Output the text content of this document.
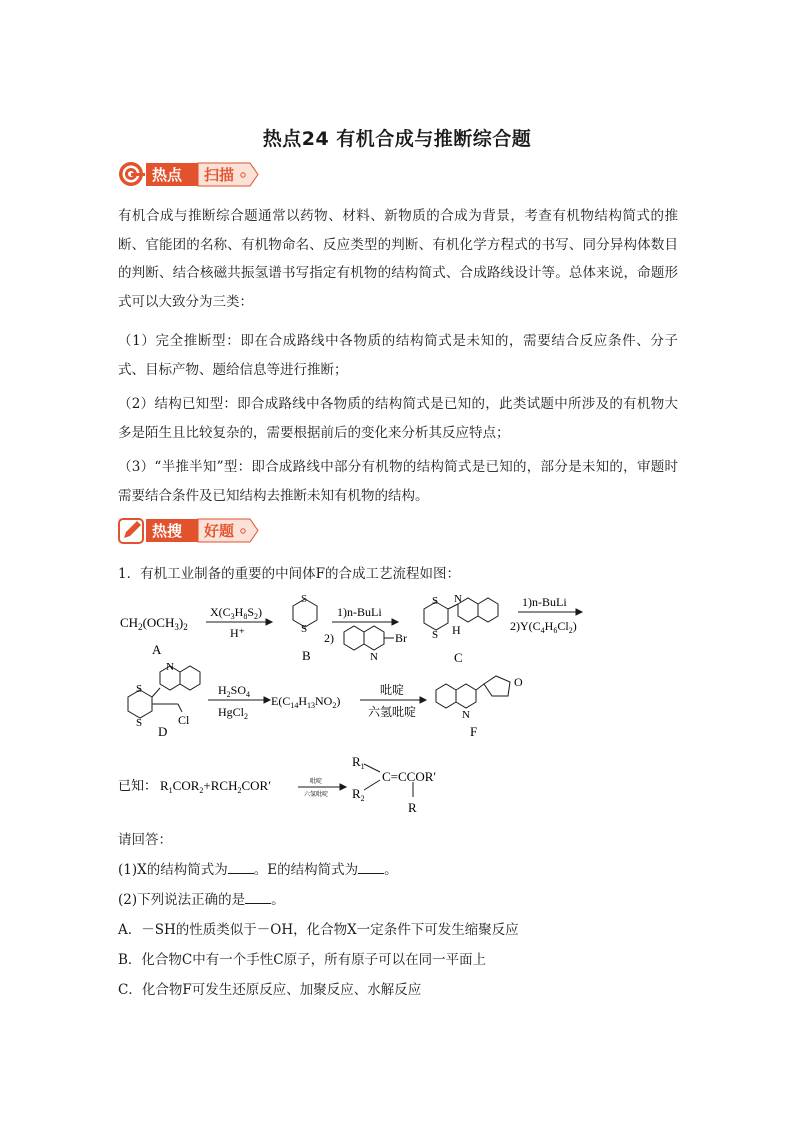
热点24 有机合成与推断综合题
热点 扫描

有机合成与推断综合题通常以药物、材料、新物质的合成为背景，考查有机物结构简式的推断、官能团的名称、有机物命名、反应类型的判断、有机化学方程式的书写、同分异构体数目的判断、结合核磁共振氢谱书写指定有机物的结构简式、合成路线设计等。总体来说，命题形式可以大致分为三类：

（1）完全推断型：即在合成路线中各物质的结构简式是未知的，需要结合反应条件、分子式、目标产物、题给信息等进行推断；

（2）结构已知型：即合成路线中各物质的结构简式是已知的，此类试题中所涉及的有机物大多是陌生且比较复杂的，需要根据前后的变化来分析其反应特点；

（3）“半推半知”型：即合成路线中部分有机物的结构简式是已知的，部分是未知的，审题时需要结合条件及已知结构去推断未知有机物的结构。

热搜 好题
1．有机工业制备的重要的中间体F的合成工艺流程如图：
$CH_2(OCH_3)_2$
A
$X(C_3H_8S_2)$
H⁺
S
S
B
1)n-BuLi
2)	Br
N
S
S H
N
C
1)n-BuLi
$2)Y(C_4H_6Cl_2)$
S
S
N
Cl
D
$H_2SO_4$
HgCl$_2$
$E(C_{14}H_{13}NO_2)$
吡啶
六氢吡啶	N
O
F
已知： $R_1COR_2+RCH_2COR'$	吡啶
六氢吡啶
$R_1$
$R_2$
C=CCOR′
R
请回答：
(1)X的结构简式为 。E的结构简式为 。
(2)下列说法正确的是 。
A．－SH的性质类似于－OH，化合物X一定条件下可发生缩聚反应
B．化合物C中有一个手性C原子，所有原子可以在同一平面上
C．化合物F可发生还原反应、加聚反应、水解反应
